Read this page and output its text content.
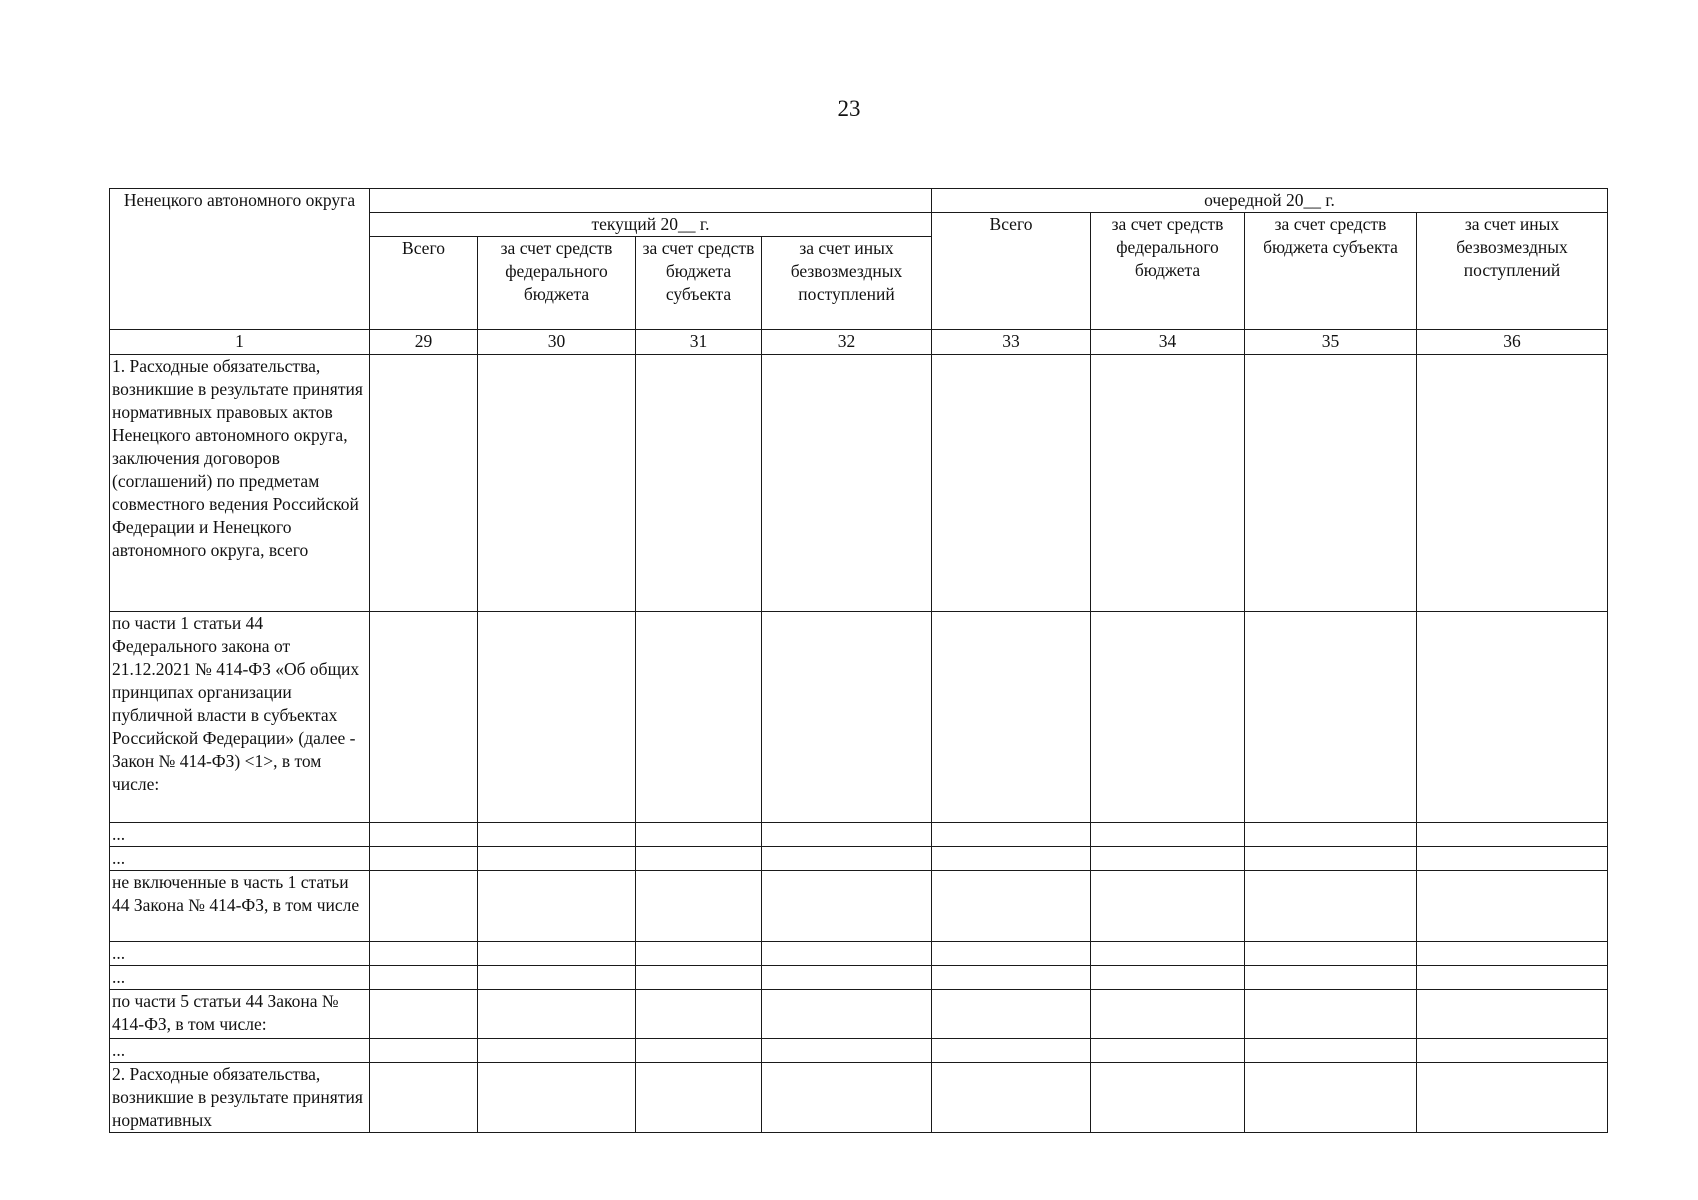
23
Ненецкого автономного округа					очередной 20__ г.			
	текущий 20__ г.				Всего	за счет средств федерального бюджета	за счет средств бюджета субъекта	за счет иных безвозмездных поступлений
	Всего	за счет средств федерального бюджета	за счет средств бюджета субъекта	за счет иных безвозмездных поступлений				
1	29	30	31	32	33	34	35	36
1. Расходные обязательства, возникшие в результате принятия нормативных правовых актов Ненецкого автономного округа, заключения договоров (соглашений) по предметам совместного ведения Российской Федерации и Ненецкого автономного округа, всего								
по части 1 статьи 44 Федерального закона от 21.12.2021 № 414-ФЗ «Об общих принципах организации публичной власти в субъектах Российской Федерации» (далее - Закон № 414-ФЗ) <1>, в том числе:								
...								
...								
не включенные в часть 1 статьи 44 Закона № 414-ФЗ, в том числе								
...								
...								
по части 5 статьи 44 Закона № 414-ФЗ, в том числе:								
...								
2. Расходные обязательства, возникшие в результате принятия нормативных								
